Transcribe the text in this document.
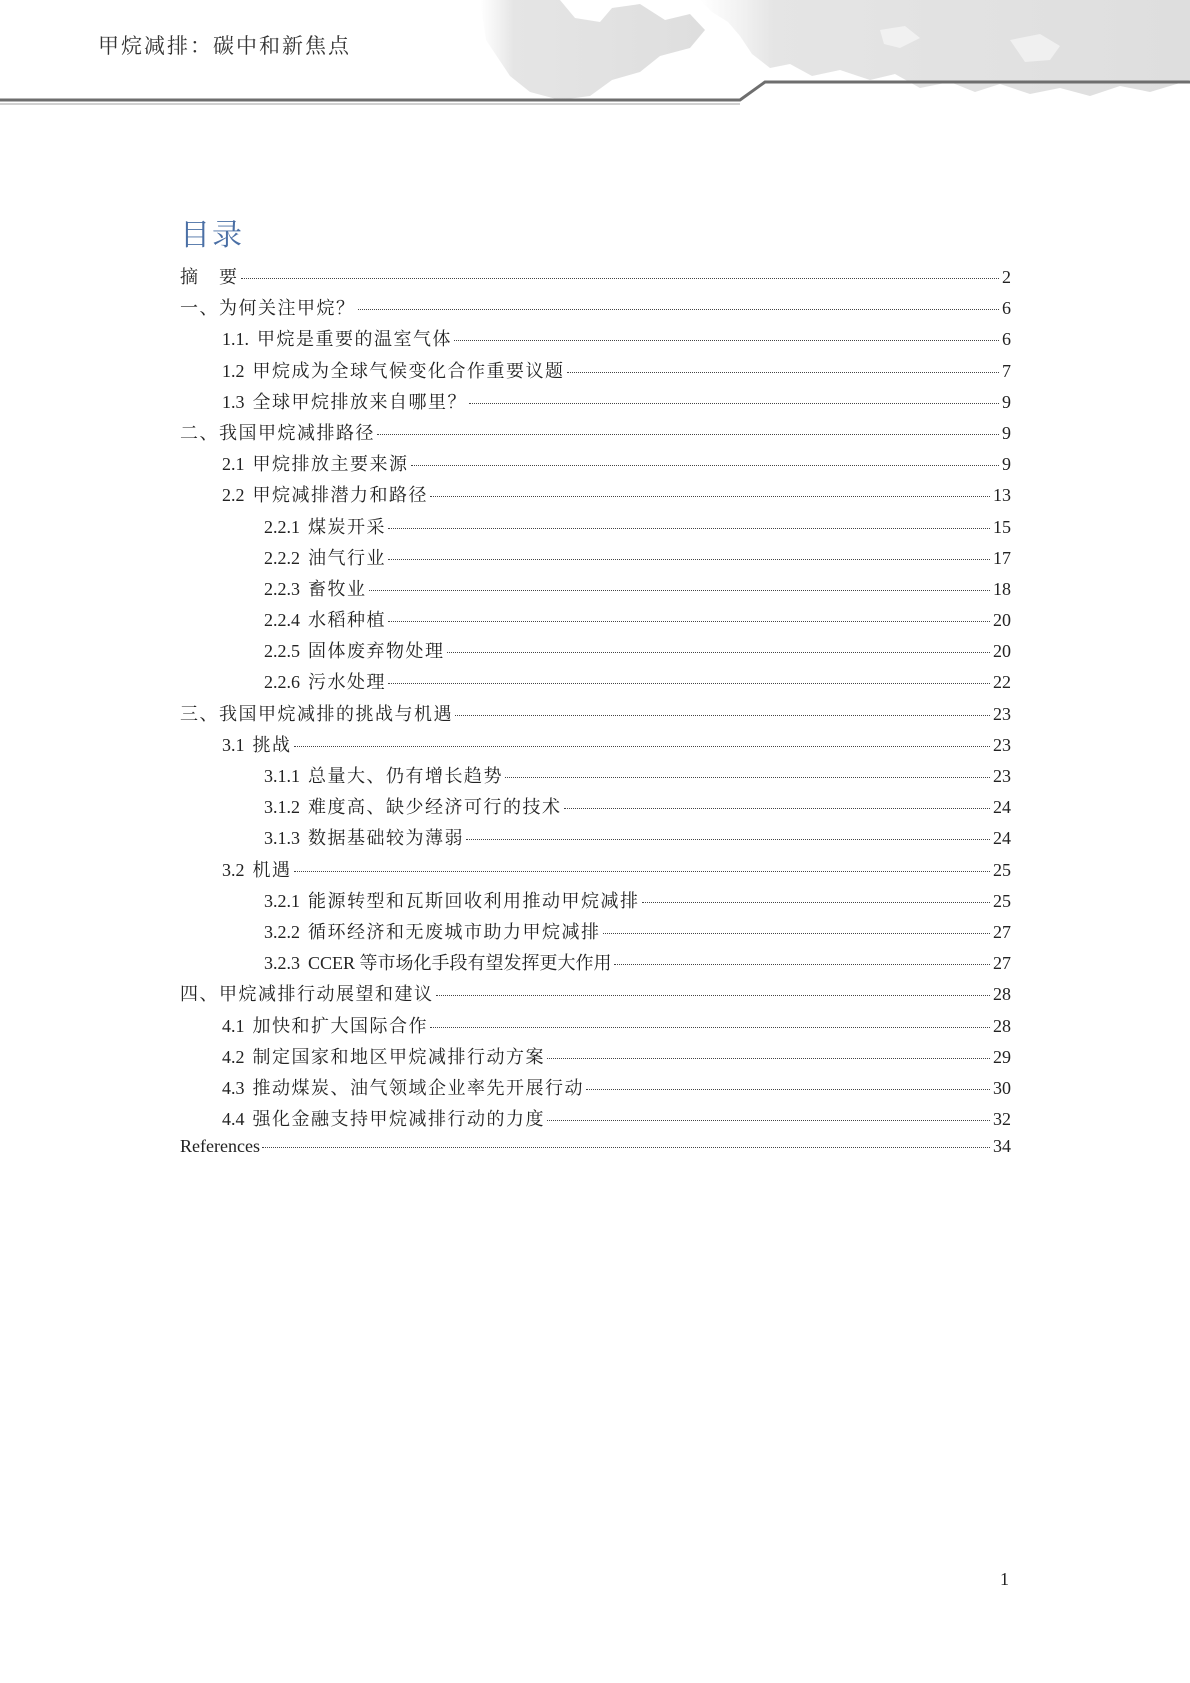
甲烷减排：碳中和新焦点
目录
摘　要	2
一、为何关注甲烷？	6
1.1. 甲烷是重要的温室气体	6
1.2 甲烷成为全球气候变化合作重要议题	7
1.3 全球甲烷排放来自哪里？	9
二、我国甲烷减排路径	9
2.1 甲烷排放主要来源	9
2.2 甲烷减排潜力和路径	13
2.2.1 煤炭开采	15
2.2.2 油气行业	17
2.2.3 畜牧业	18
2.2.4 水稻种植	20
2.2.5 固体废弃物处理	20
2.2.6 污水处理	22
三、我国甲烷减排的挑战与机遇	23
3.1 挑战	23
3.1.1 总量大、仍有增长趋势	23
3.1.2 难度高、缺少经济可行的技术	24
3.1.3 数据基础较为薄弱	24
3.2 机遇	25
3.2.1 能源转型和瓦斯回收利用推动甲烷减排	25
3.2.2 循环经济和无废城市助力甲烷减排	27
3.2.3 CCER 等市场化手段有望发挥更大作用	27
四、甲烷减排行动展望和建议	28
4.1 加快和扩大国际合作	28
4.2 制定国家和地区甲烷减排行动方案	29
4.3 推动煤炭、油气领域企业率先开展行动	30
4.4 强化金融支持甲烷减排行动的力度	32
References	34
1
